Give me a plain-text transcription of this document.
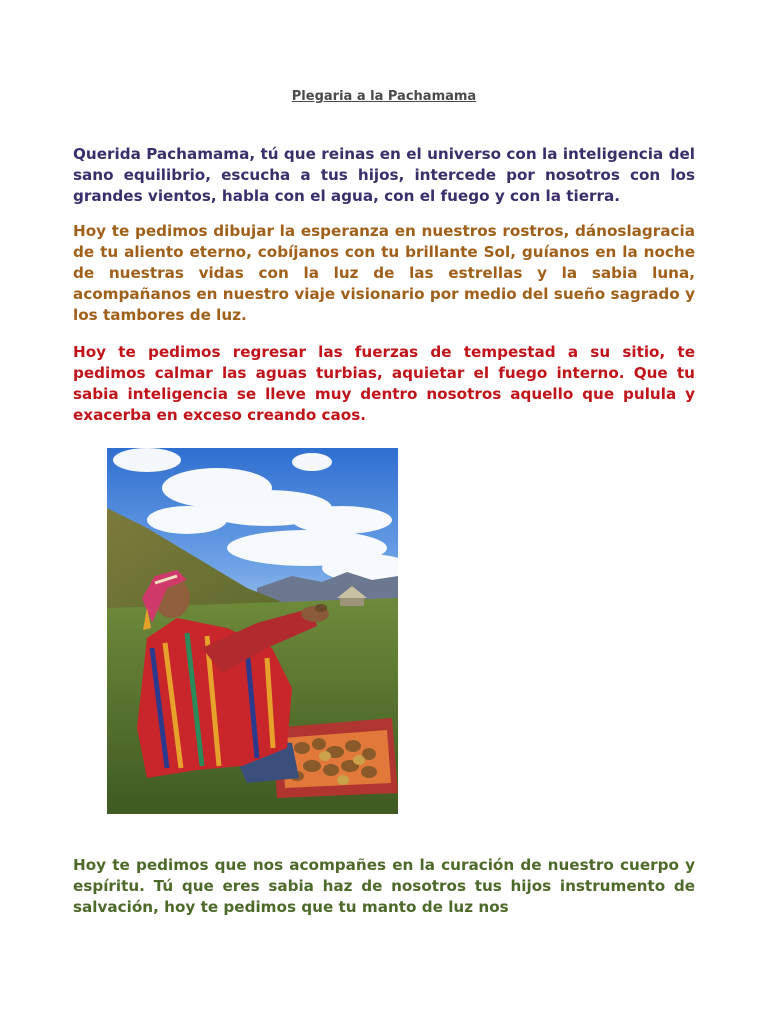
Plegaria a la Pachamama

Querida Pachamama, tú que reinas en el universo con la inteligencia del sano equilibrio, escucha a tus hijos, intercede por nosotros con los grandes vientos, habla con el agua, con el fuego y con la tierra.

Hoy te pedimos dibujar la esperanza en nuestros rostros, dánoslagracia de tu aliento eterno, cobíjanos con tu brillante Sol, guíanos en la noche de nuestras vidas con la luz de las estrellas y la sabia luna, acompañanos en nuestro viaje visionario por medio del sueño sagrado y los tambores de luz.

Hoy te pedimos regresar las fuerzas de tempestad a su sitio, te pedimos calmar las aguas turbias, aquietar el fuego interno. Que tu sabia inteligencia se lleve muy dentro nosotros aquello que pulula y exacerba en exceso creando caos.

Hoy te pedimos que nos acompañes en la curación de nuestro cuerpo y espíritu. Tú que eres sabia haz de nosotros tus hijos instrumento de salvación, hoy te pedimos que tu manto de luz nos
